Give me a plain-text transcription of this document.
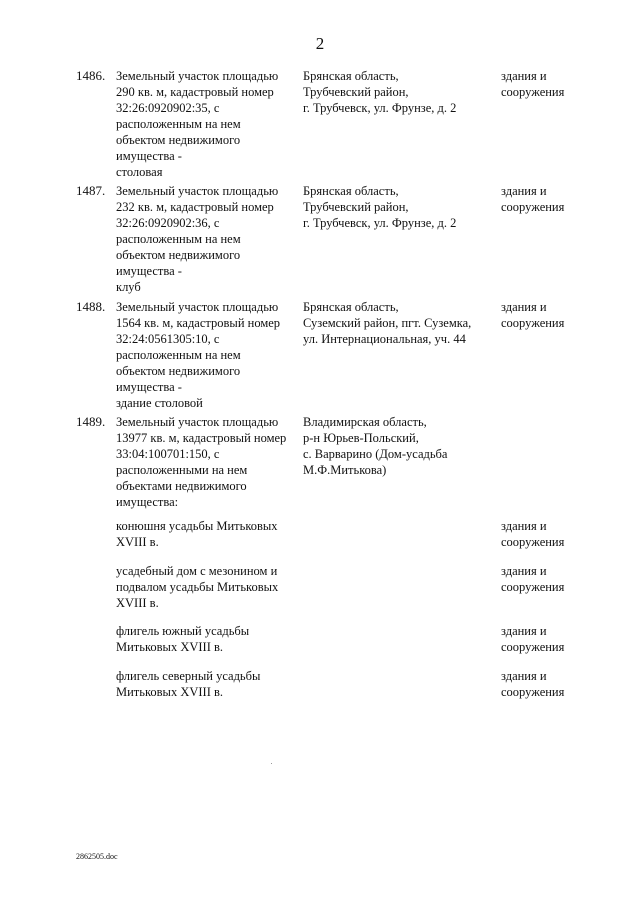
2
1486. Земельный участок площадью
290 кв. м, кадастровый номер
32:26:0920902:35, с
расположенным на нем
объектом недвижимого
имущества -
столовая
Брянская область,
Трубчевский район,
г. Трубчевск, ул. Фрунзе, д. 2
здания и
сооружения
1487. Земельный участок площадью
232 кв. м, кадастровый номер
32:26:0920902:36, с
расположенным на нем
объектом недвижимого
имущества -
клуб
Брянская область,
Трубчевский район,
г. Трубчевск, ул. Фрунзе, д. 2
здания и
сооружения
1488. Земельный участок площадью
1564 кв. м, кадастровый номер
32:24:0561305:10, с
расположенным на нем
объектом недвижимого
имущества -
здание столовой
Брянская область,
Суземский район, пгт. Суземка,
ул. Интернациональная, уч. 44
здания и
сооружения
1489. Земельный участок площадью
13977 кв. м, кадастровый номер
33:04:100701:150, с
расположенными на нем
объектами недвижимого
имущества:
Владимирская область,
р-н Юрьев-Польский,
с. Варварино (Дом-усадьба
М.Ф.Митькова)
конюшня усадьбы Митьковых
XVIII в.
здания и
сооружения
усадебный дом с мезонином и
подвалом усадьбы Митьковых
XVIII в.
здания и
сооружения
флигель южный усадьбы
Митьковых XVIII в.
здания и
сооружения
флигель северный усадьбы
Митьковых XVIII в.
здания и
сооружения
2862505.doc
